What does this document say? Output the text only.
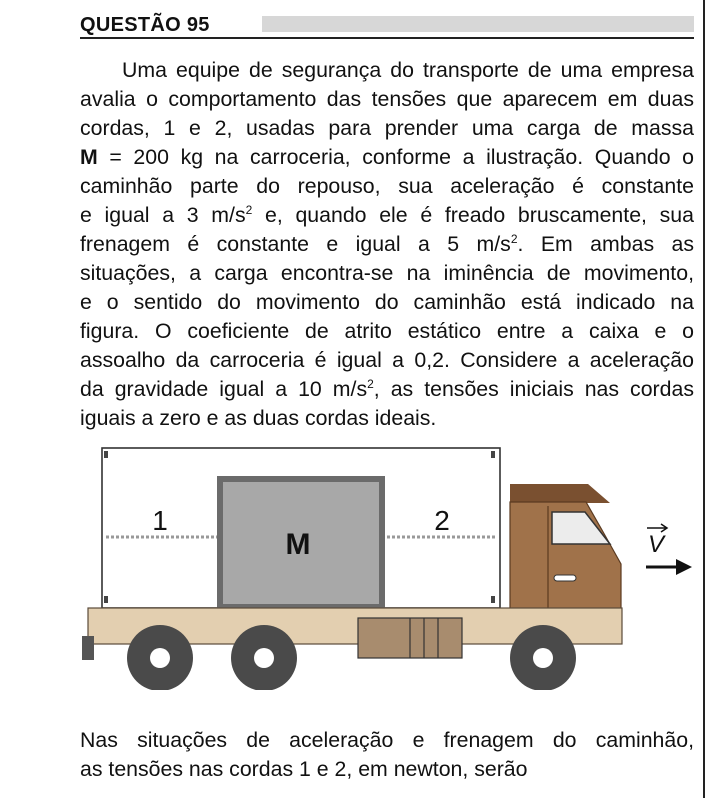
QUESTÃO 95

Uma equipe de segurança do transporte de uma empresa
avalia o comportamento das tensões que aparecem em duas
cordas, 1 e 2, usadas para prender uma carga de massa
M = 200 kg na carroceria, conforme a ilustração. Quando o
caminhão parte do repouso, sua aceleração é constante
e igual a 3 $m/s^2$ e, quando ele é freado bruscamente, sua
frenagem é constante e igual a 5 $m/s^2$. Em ambas as
situações, a carga encontra-se na iminência de movimento,
e o sentido do movimento do caminhão está indicado na
figura. O coeficiente de atrito estático entre a caixa e o
assoalho da carroceria é igual a 0,2. Considere a aceleração
da gravidade igual a 10 $m/s^2$, as tensões iniciais nas cordas
iguais a zero e as duas cordas ideais.

1	2
M	V

Nas situações de aceleração e frenagem do caminhão,
as tensões nas cordas 1 e 2, em newton, serão
